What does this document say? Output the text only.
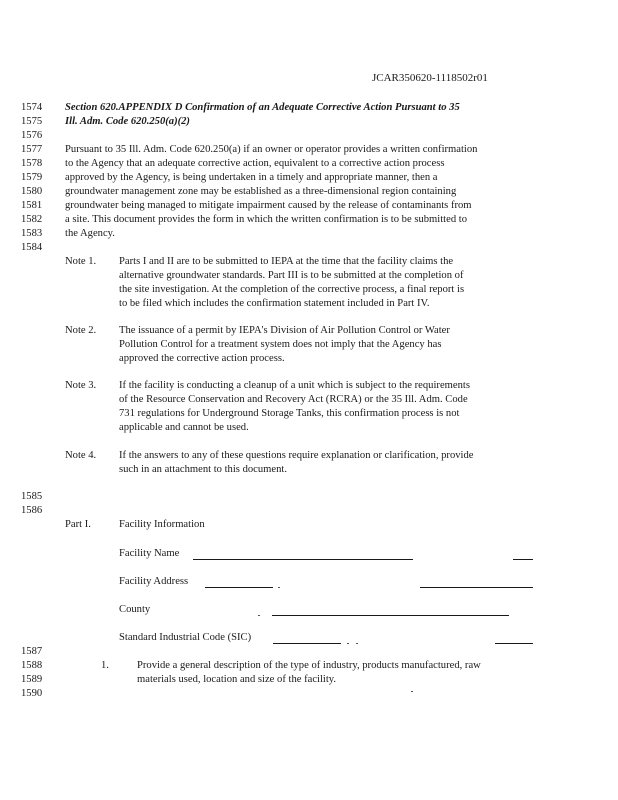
JCAR350620-1118502r01
1574
1575
1576
1577
1578
1579
1580
1581
1582
1583
1584
1585
1586
1587
1588
1589
1590
Section 620.APPENDIX D Confirmation of an Adequate Corrective Action Pursuant to 35
Ill. Adm. Code 620.250(a)(2)
Pursuant to 35 Ill. Adm. Code 620.250(a) if an owner or operator provides a written confirmation
to the Agency that an adequate corrective action, equivalent to a corrective action process
approved by the Agency, is being undertaken in a timely and appropriate manner, then a
groundwater management zone may be established as a three-dimensional region containing
groundwater being managed to mitigate impairment caused by the release of contaminants from
a site. This document provides the form in which the written confirmation is to be submitted to
the Agency.
Note 1. Parts I and II are to be submitted to IEPA at the time that the facility claims the
alternative groundwater standards. Part III is to be submitted at the completion of
the site investigation. At the completion of the corrective process, a final report is
to be filed which includes the confirmation statement included in Part IV.
Note 2. The issuance of a permit by IEPA's Division of Air Pollution Control or Water
Pollution Control for a treatment system does not imply that the Agency has
approved the corrective action process.
Note 3. If the facility is conducting a cleanup of a unit which is subject to the requirements
of the Resource Conservation and Recovery Act (RCRA) or the 35 Ill. Adm. Code
731 regulations for Underground Storage Tanks, this confirmation process is not
applicable and cannot be used.
Note 4. If the answers to any of these questions require explanation or clarification, provide
such in an attachment to this document.
Part I.	Facility Information
Facility Name
Facility Address
County
Standard Industrial Code (SIC)
1.	Provide a general description of the type of industry, products manufactured, raw
materials used, location and size of the facility.
